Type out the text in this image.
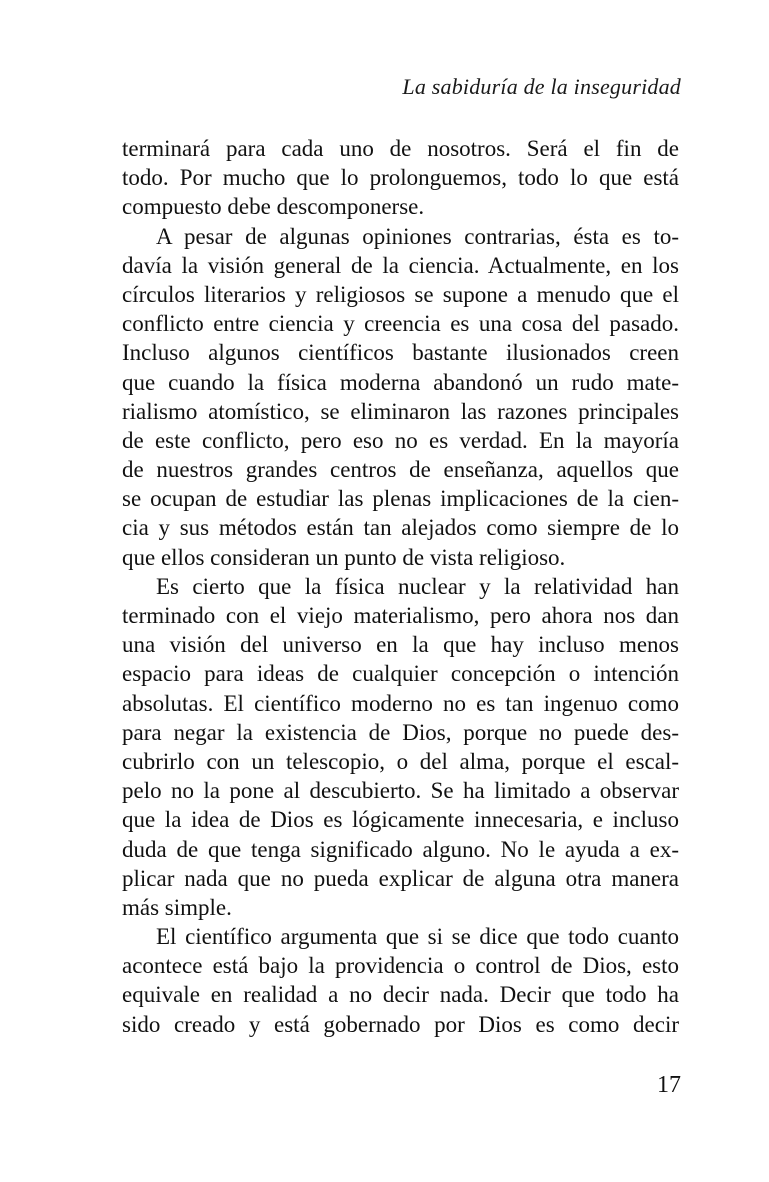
La sabiduría de la inseguridad
terminará para cada uno de nosotros. Será el fin de
todo. Por mucho que lo prolonguemos, todo lo que está
compuesto debe descomponerse.
A pesar de algunas opiniones contrarias, ésta es to-
davía la visión general de la ciencia. Actualmente, en los
círculos literarios y religiosos se supone a menudo que el
conflicto entre ciencia y creencia es una cosa del pasado.
Incluso algunos científicos bastante ilusionados creen
que cuando la física moderna abandonó un rudo mate-
rialismo atomístico, se eliminaron las razones principales
de este conflicto, pero eso no es verdad. En la mayoría
de nuestros grandes centros de enseñanza, aquellos que
se ocupan de estudiar las plenas implicaciones de la cien-
cia y sus métodos están tan alejados como siempre de lo
que ellos consideran un punto de vista religioso.
Es cierto que la física nuclear y la relatividad han
terminado con el viejo materialismo, pero ahora nos dan
una visión del universo en la que hay incluso menos
espacio para ideas de cualquier concepción o intención
absolutas. El científico moderno no es tan ingenuo como
para negar la existencia de Dios, porque no puede des-
cubrirlo con un telescopio, o del alma, porque el escal-
pelo no la pone al descubierto. Se ha limitado a observar
que la idea de Dios es lógicamente innecesaria, e incluso
duda de que tenga significado alguno. No le ayuda a ex-
plicar nada que no pueda explicar de alguna otra manera
más simple.
El científico argumenta que si se dice que todo cuanto
acontece está bajo la providencia o control de Dios, esto
equivale en realidad a no decir nada. Decir que todo ha
sido creado y está gobernado por Dios es como decir
17
